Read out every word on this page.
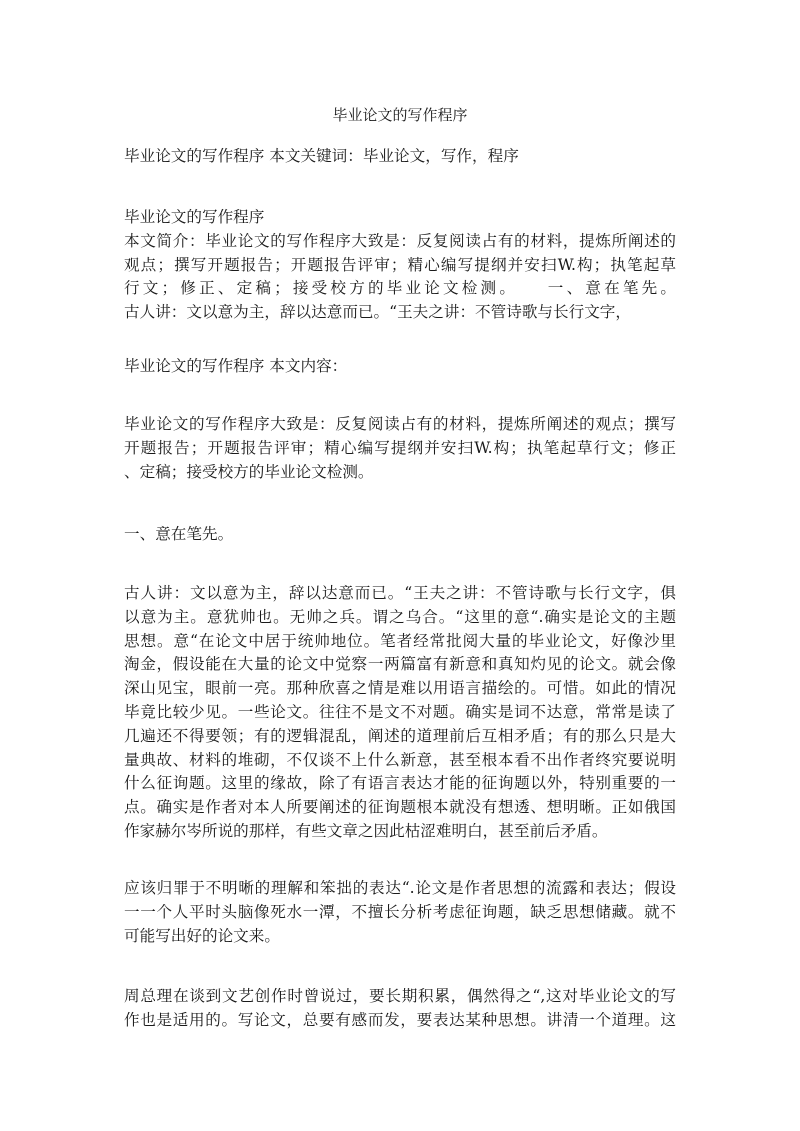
毕业论文的写作程序

毕业论文的写作程序 本文关键词：毕业论文，写作，程序

毕业论文的写作程序
本文简介：毕业论文的写作程序大致是：反复阅读占有的材料，提炼所阐述的
观点；撰写开题报告；开题报告评审；精心编写提纲并安扫W.构；执笔起草
行文；修正、定稿；接受校方的毕业论文检测。　　一、意在笔先。
古人讲：文以意为主，辞以达意而已。“王夫之讲：不管诗歌与长行文字，

毕业论文的写作程序 本文内容：

毕业论文的写作程序大致是：反复阅读占有的材料，提炼所阐述的观点；撰写
开题报告；开题报告评审；精心编写提纲并安扫W.构；执笔起草行文；修正
、定稿；接受校方的毕业论文检测。

一、意在笔先。

古人讲：文以意为主，辞以达意而已。“王夫之讲：不管诗歌与长行文字，俱
以意为主。意犹帅也。无帅之兵。谓之乌合。“这里的意“.确实是论文的主题
思想。意“在论文中居于统帅地位。笔者经常批阅大量的毕业论文，好像沙里
淘金，假设能在大量的论文中觉察一两篇富有新意和真知灼见的论文。就会像
深山见宝，眼前一亮。那种欣喜之情是难以用语言描绘的。可惜。如此的情况
毕竟比较少见。一些论文。往往不是文不对题。确实是词不达意，常常是读了
几遍还不得要领；有的逻辑混乱，阐述的道理前后互相矛盾；有的那么只是大
量典故、材料的堆砌，不仅谈不上什么新意，甚至根本看不出作者终究要说明
什么征询题。这里的缘故，除了有语言表达才能的征询题以外，特别重要的一
点。确实是作者对本人所要阐述的征询题根本就没有想透、想明晰。正如俄国
作家赫尔岑所说的那样，有些文章之因此枯涩难明白，甚至前后矛盾。
应该归罪于不明晰的理解和笨拙的表达“.论文是作者思想的流露和表达；假设
一一个人平时头脑像死水一潭，不擅长分析考虑征询题，缺乏思想储藏。就不
可能写出好的论文来。
周总理在谈到文艺创作时曾说过，要长期积累，偶然得之“,这对毕业论文的写
作也是适用的。写论文，总要有感而发，要表达某种思想。讲清一个道理。这
